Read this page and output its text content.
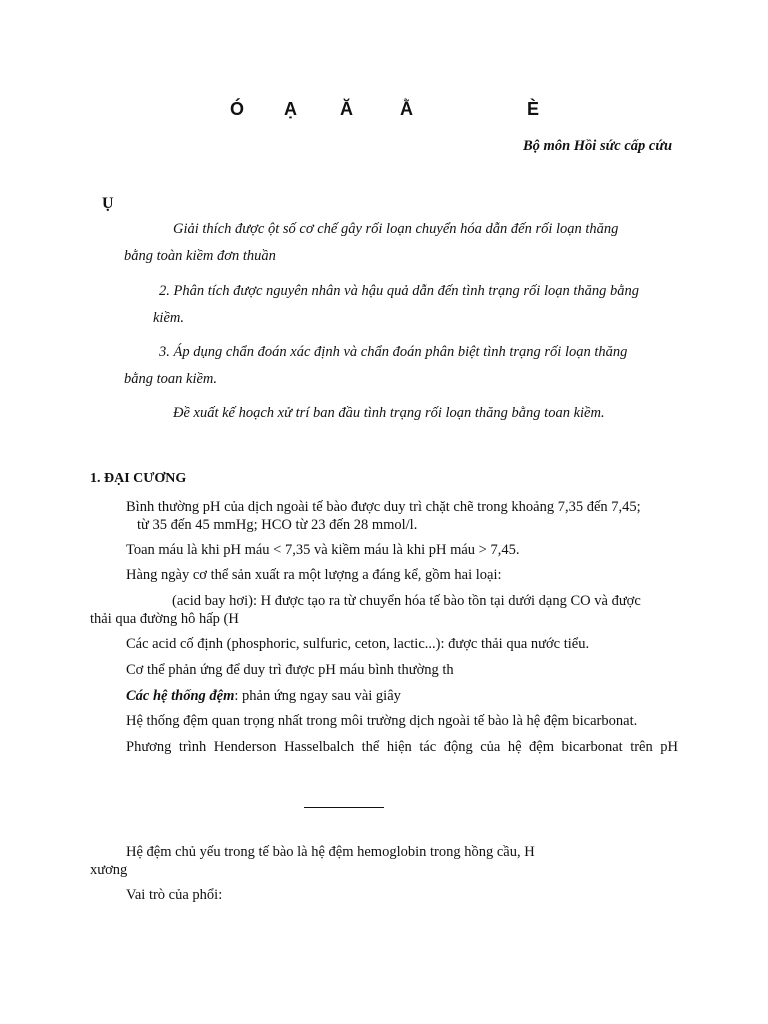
Ó Ạ Ă	Ằ	È
Bộ môn Hồi sức cấp cứu
Ụ
Giải thích được ột số cơ chế gây rối loạn chuyển hóa dẫn đến rối loạn thăng
bằng toàn kiềm đơn thuần
2. Phân tích được nguyên nhân và hậu quả dẫn đến tình trạng rối loạn thăng bằng
kiềm.
3. Áp dụng chẩn đoán xác định và chẩn đoán phân biệt tình trạng rối loạn thăng
bằng toan kiềm.
Đề xuất kế hoạch xử trí ban đầu tình trạng rối loạn thăng bằng toan kiềm.
1. ĐẠI CƯƠNG
Bình thường pH của dịch ngoài tế bào được duy trì chặt chẽ trong khoảng 7,35 đến 7,45;
từ 35 đến 45 mmHg; HCO từ 23 đến 28 mmol/l.
Toan máu là khi pH máu < 7,35 và kiềm máu là khi pH máu > 7,45.
Hàng ngày cơ thể sản xuất ra một lượng a đáng kể, gồm hai loại:
(acid bay hơi): H được tạo ra từ chuyển hóa tế bào tồn tại dưới dạng CO và được
thải qua đường hô hấp (H
Các acid cố định (phosphoric, sulfuric, ceton, lactic...): được thải qua nước tiểu.
Cơ thể phản ứng để duy trì được pH máu bình thường th
Các hệ thống đệm: phản ứng ngay sau vài giây
Hệ thống đệm quan trọng nhất trong môi trường dịch ngoài tế bào là hệ đệm bicarbonat.
Phương trình Henderson Hasselbalch thể hiện tác động của hệ đệm bicarbonat trên pH
Hệ đệm chủ yếu trong tế bào là hệ đệm hemoglobin trong hồng cầu, H
xương
Vai trò của phổi:
